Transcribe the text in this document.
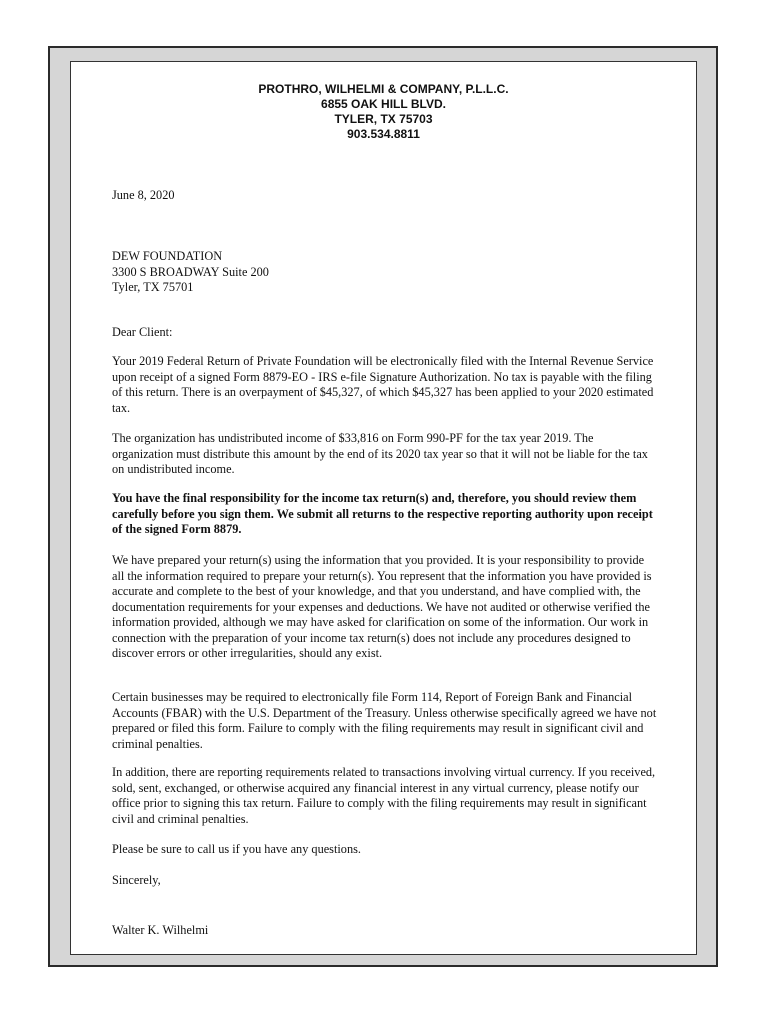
PROTHRO, WILHELMI & COMPANY, P.L.L.C.
6855 OAK HILL BLVD.
TYLER, TX 75703
903.534.8811
June 8, 2020
DEW FOUNDATION
3300 S BROADWAY Suite 200
Tyler, TX 75701
Dear Client:
Your 2019 Federal Return of Private Foundation will be electronically filed with the Internal Revenue Service upon receipt of a signed Form 8879-EO - IRS e-file Signature Authorization. No tax is payable with the filing of this return. There is an overpayment of $45,327, of which $45,327 has been applied to your 2020 estimated tax.
The organization has undistributed income of $33,816 on Form 990-PF for the tax year 2019. The organization must distribute this amount by the end of its 2020 tax year so that it will not be liable for the tax on undistributed income.
You have the final responsibility for the income tax return(s) and, therefore, you should review them carefully before you sign them. We submit all returns to the respective reporting authority upon receipt of the signed Form 8879.
We have prepared your return(s) using the information that you provided. It is your responsibility to provide all the information required to prepare your return(s). You represent that the information you have provided is accurate and complete to the best of your knowledge, and that you understand, and have complied with, the documentation requirements for your expenses and deductions. We have not audited or otherwise verified the information provided, although we may have asked for clarification on some of the information. Our work in connection with the preparation of your income tax return(s) does not include any procedures designed to discover errors or other irregularities, should any exist.
Certain businesses may be required to electronically file Form 114, Report of Foreign Bank and Financial Accounts (FBAR) with the U.S. Department of the Treasury. Unless otherwise specifically agreed we have not prepared or filed this form. Failure to comply with the filing requirements may result in significant civil and criminal penalties.
In addition, there are reporting requirements related to transactions involving virtual currency. If you received, sold, sent, exchanged, or otherwise acquired any financial interest in any virtual currency, please notify our office prior to signing this tax return. Failure to comply with the filing requirements may result in significant civil and criminal penalties.
Please be sure to call us if you have any questions.
Sincerely,
Walter K. Wilhelmi
